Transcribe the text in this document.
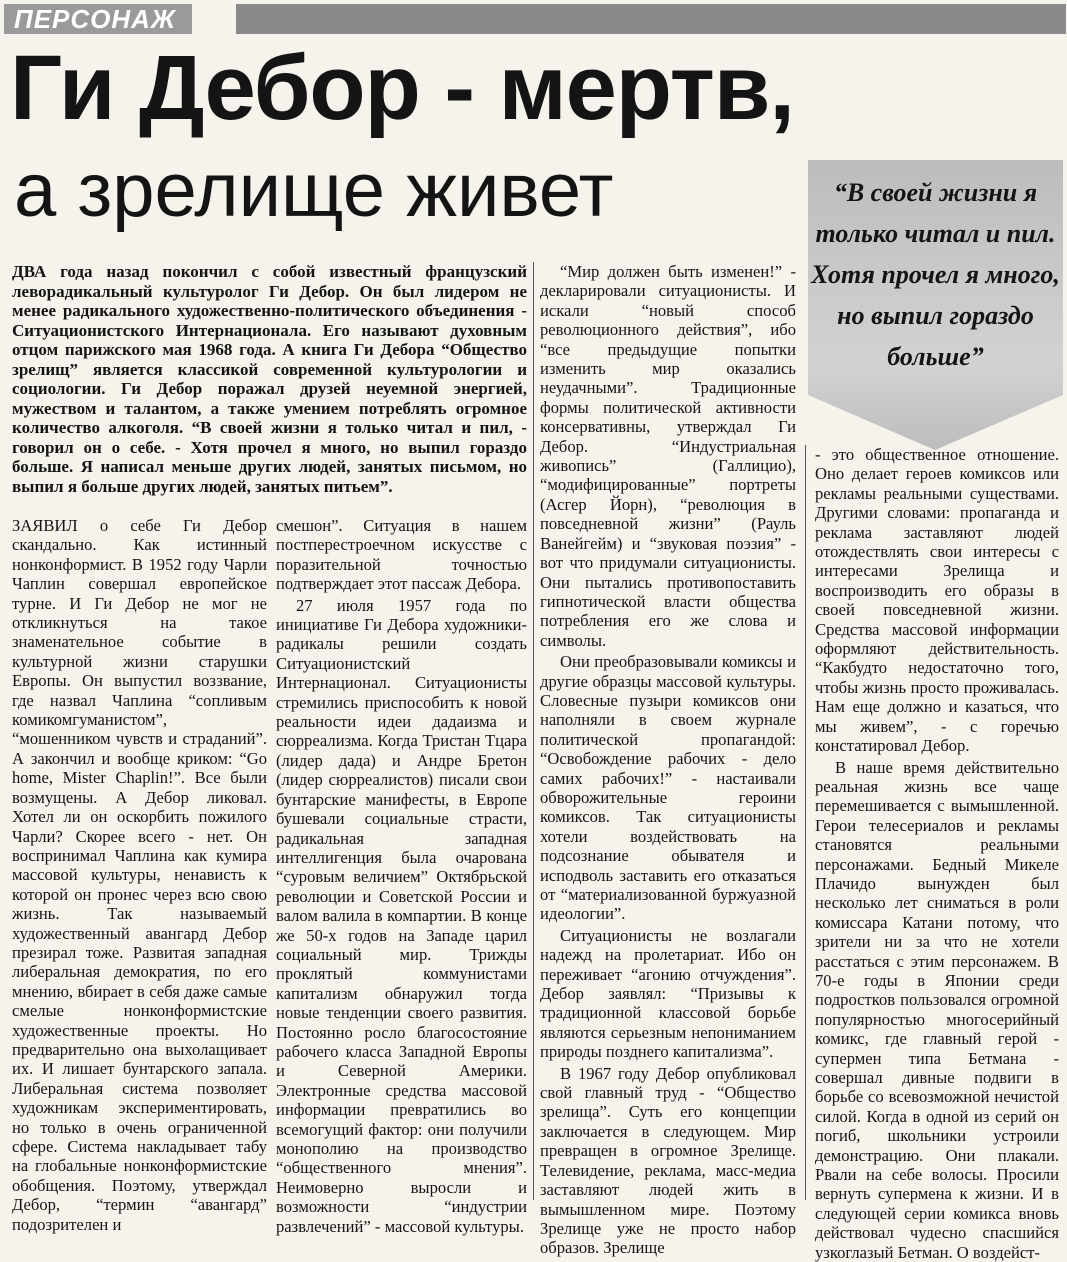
ПЕРСОНАЖ
Ги Дебор - мертв,
а зрелище живет	“В своей жизни я только читал и пил. Хотя прочел я много, но выпил гораздо больше”
ДВА года назад покончил с собой известный французский леворадикальный культуролог Ги Дебор. Он был лидером не менее радикального художественно-политического объединения - Ситуационистского Интернационала. Его называют духовным отцом парижского мая 1968 года. А книга Ги Дебора “Общество зрелищ” является классикой современной культурологии и социологии. Ги Дебор поражал друзей неуемной энергией, мужеством и талантом, а также умением потреблять огромное количество алкоголя. “В своей жизни я только читал и пил, - говорил он о себе. - Хотя прочел я много, но выпил гораздо больше. Я написал меньше других людей, занятых письмом, но выпил я больше других людей, занятых питьем”.

ЗАЯВИЛ о себе Ги Дебор скандально. Как истинный нонконформист. В 1952 году Чарли Чаплин совершал европейское турне. И Ги Дебор не мог не откликнуться на такое знаменательное событие в культурной жизни старушки Европы. Он выпустил воззвание, где назвал Чаплина “сопливым комикомгуманистом”, “мошенником чувств и страданий”. А закончил и вообще криком: “Go home, Mister Chaplin!”. Все были возмущены. А Дебор ликовал. Хотел ли он оскорбить пожилого Чарли? Скорее всего - нет. Он воспринимал Чаплина как кумира массовой культуры, ненависть к которой он пронес через всю свою жизнь. Так называемый художественный авангард Дебор презирал тоже. Развитая западная либеральная демократия, по его мнению, вбирает в себя даже самые смелые нонконформистские художественные проекты. Но предварительно она выхолащивает их. И лишает бунтарского запала. Либеральная система позволяет художникам экспериментировать, но только в очень ограниченной сфере. Система накладывает табу на глобальные нонконформистские обобщения. Поэтому, утверждал Дебор, “термин “авангард” подозрителен и

смешон”. Ситуация в нашем постперестроечном искусстве с поразительной точностью подтверждает этот пассаж Дебора.

27 июля 1957 года по инициативе Ги Дебора художники-радикалы решили создать Ситуационистский Интернационал. Ситуационисты стремились приспособить к новой реальности идеи дадаизма и сюрреализма. Когда Тристан Тцара (лидер дада) и Андре Бретон (лидер сюрреалистов) писали свои бунтарские манифесты, в Европе бушевали социальные страсти, радикальная западная интеллигенция была очарована “суровым величием” Октябрьской революции и Советской России и валом валила в компартии. В конце же 50-х годов на Западе царил социальный мир. Трижды проклятый коммунистами капитализм обнаружил тогда новые тенденции своего развития. Постоянно росло благосостояние рабочего класса Западной Европы и Северной Америки. Электронные средства массовой информации превратились во всемогущий фактор: они получили монополию на производство “общественного мнения”. Неимоверно выросли и возможности “индустрии развлечений” - массовой культуры.

“Мир должен быть изменен!” - декларировали ситуационисты. И искали “новый способ революционного действия”, ибо “все предыдущие попытки изменить мир оказались неудачными”. Традиционные формы политической активности консервативны, утверждал Ги Дебор. “Индустриальная живопись” (Галлицио), “модифицированные” портреты (Асгер Йорн), “революция в повседневной жизни” (Рауль Ванейгейм) и “звуковая поэзия” - вот что придумали ситуационисты. Они пытались противопоставить гипнотической власти общества потребления его же слова и символы.

Они преобразовывали комиксы и другие образцы массовой культуры. Словесные пузыри комиксов они наполняли в своем журнале политической пропагандой: “Освобождение рабочих - дело самих рабочих!” - настаивали обворожительные героини комиксов. Так ситуационисты хотели воздействовать на подсознание обывателя и исподволь заставить его отказаться от “материализованной буржуазной идеологии”.

Ситуационисты не возлагали надежд на пролетариат. Ибо он переживает “агонию отчуждения”. Дебор заявлял: “Призывы к традиционной классовой борьбе являются серьезным непониманием природы позднего капитализма”.

В 1967 году Дебор опубликовал свой главный труд - “Общество зрелища”. Суть его концепции заключается в следующем. Мир превращен в огромное Зрелище. Телевидение, реклама, масс-медиа заставляют людей жить в вымышленном мире. Поэтому Зрелище уже не просто набор образов. Зрелище

- это общественное отношение. Оно делает героев комиксов или рекламы реальными существами. Другими словами: пропаганда и реклама заставляют людей отождествлять свои интересы с интересами Зрелища и воспроизводить его образы в своей повседневной жизни. Средства массовой информации оформляют действительность. “Какбудто недостаточно того, чтобы жизнь просто проживалась. Нам еще должно и казаться, что мы живем”, - с горечью констатировал Дебор.

В наше время действительно реальная жизнь все чаще перемешивается с вымышленной. Герои телесериалов и рекламы становятся реальными персонажами. Бедный Микеле Плачидо вынужден был несколько лет сниматься в роли комиссара Катани потому, что зрители ни за что не хотели расстаться с этим персонажем. В 70-е годы в Японии среди подростков пользовался огромной популярностью многосерийный комикс, где главный герой - супермен типа Бетмана - совершал дивные подвиги в борьбе со всевозможной нечистой силой. Когда в одной из серий он погиб, школьники устроили демонстрацию. Они плакали. Рвали на себе волосы. Просили вернуть супермена к жизни. И в следующей серии комикса вновь действовал чудесно спасшийся узкоглазый Бетман. О воздейст-
